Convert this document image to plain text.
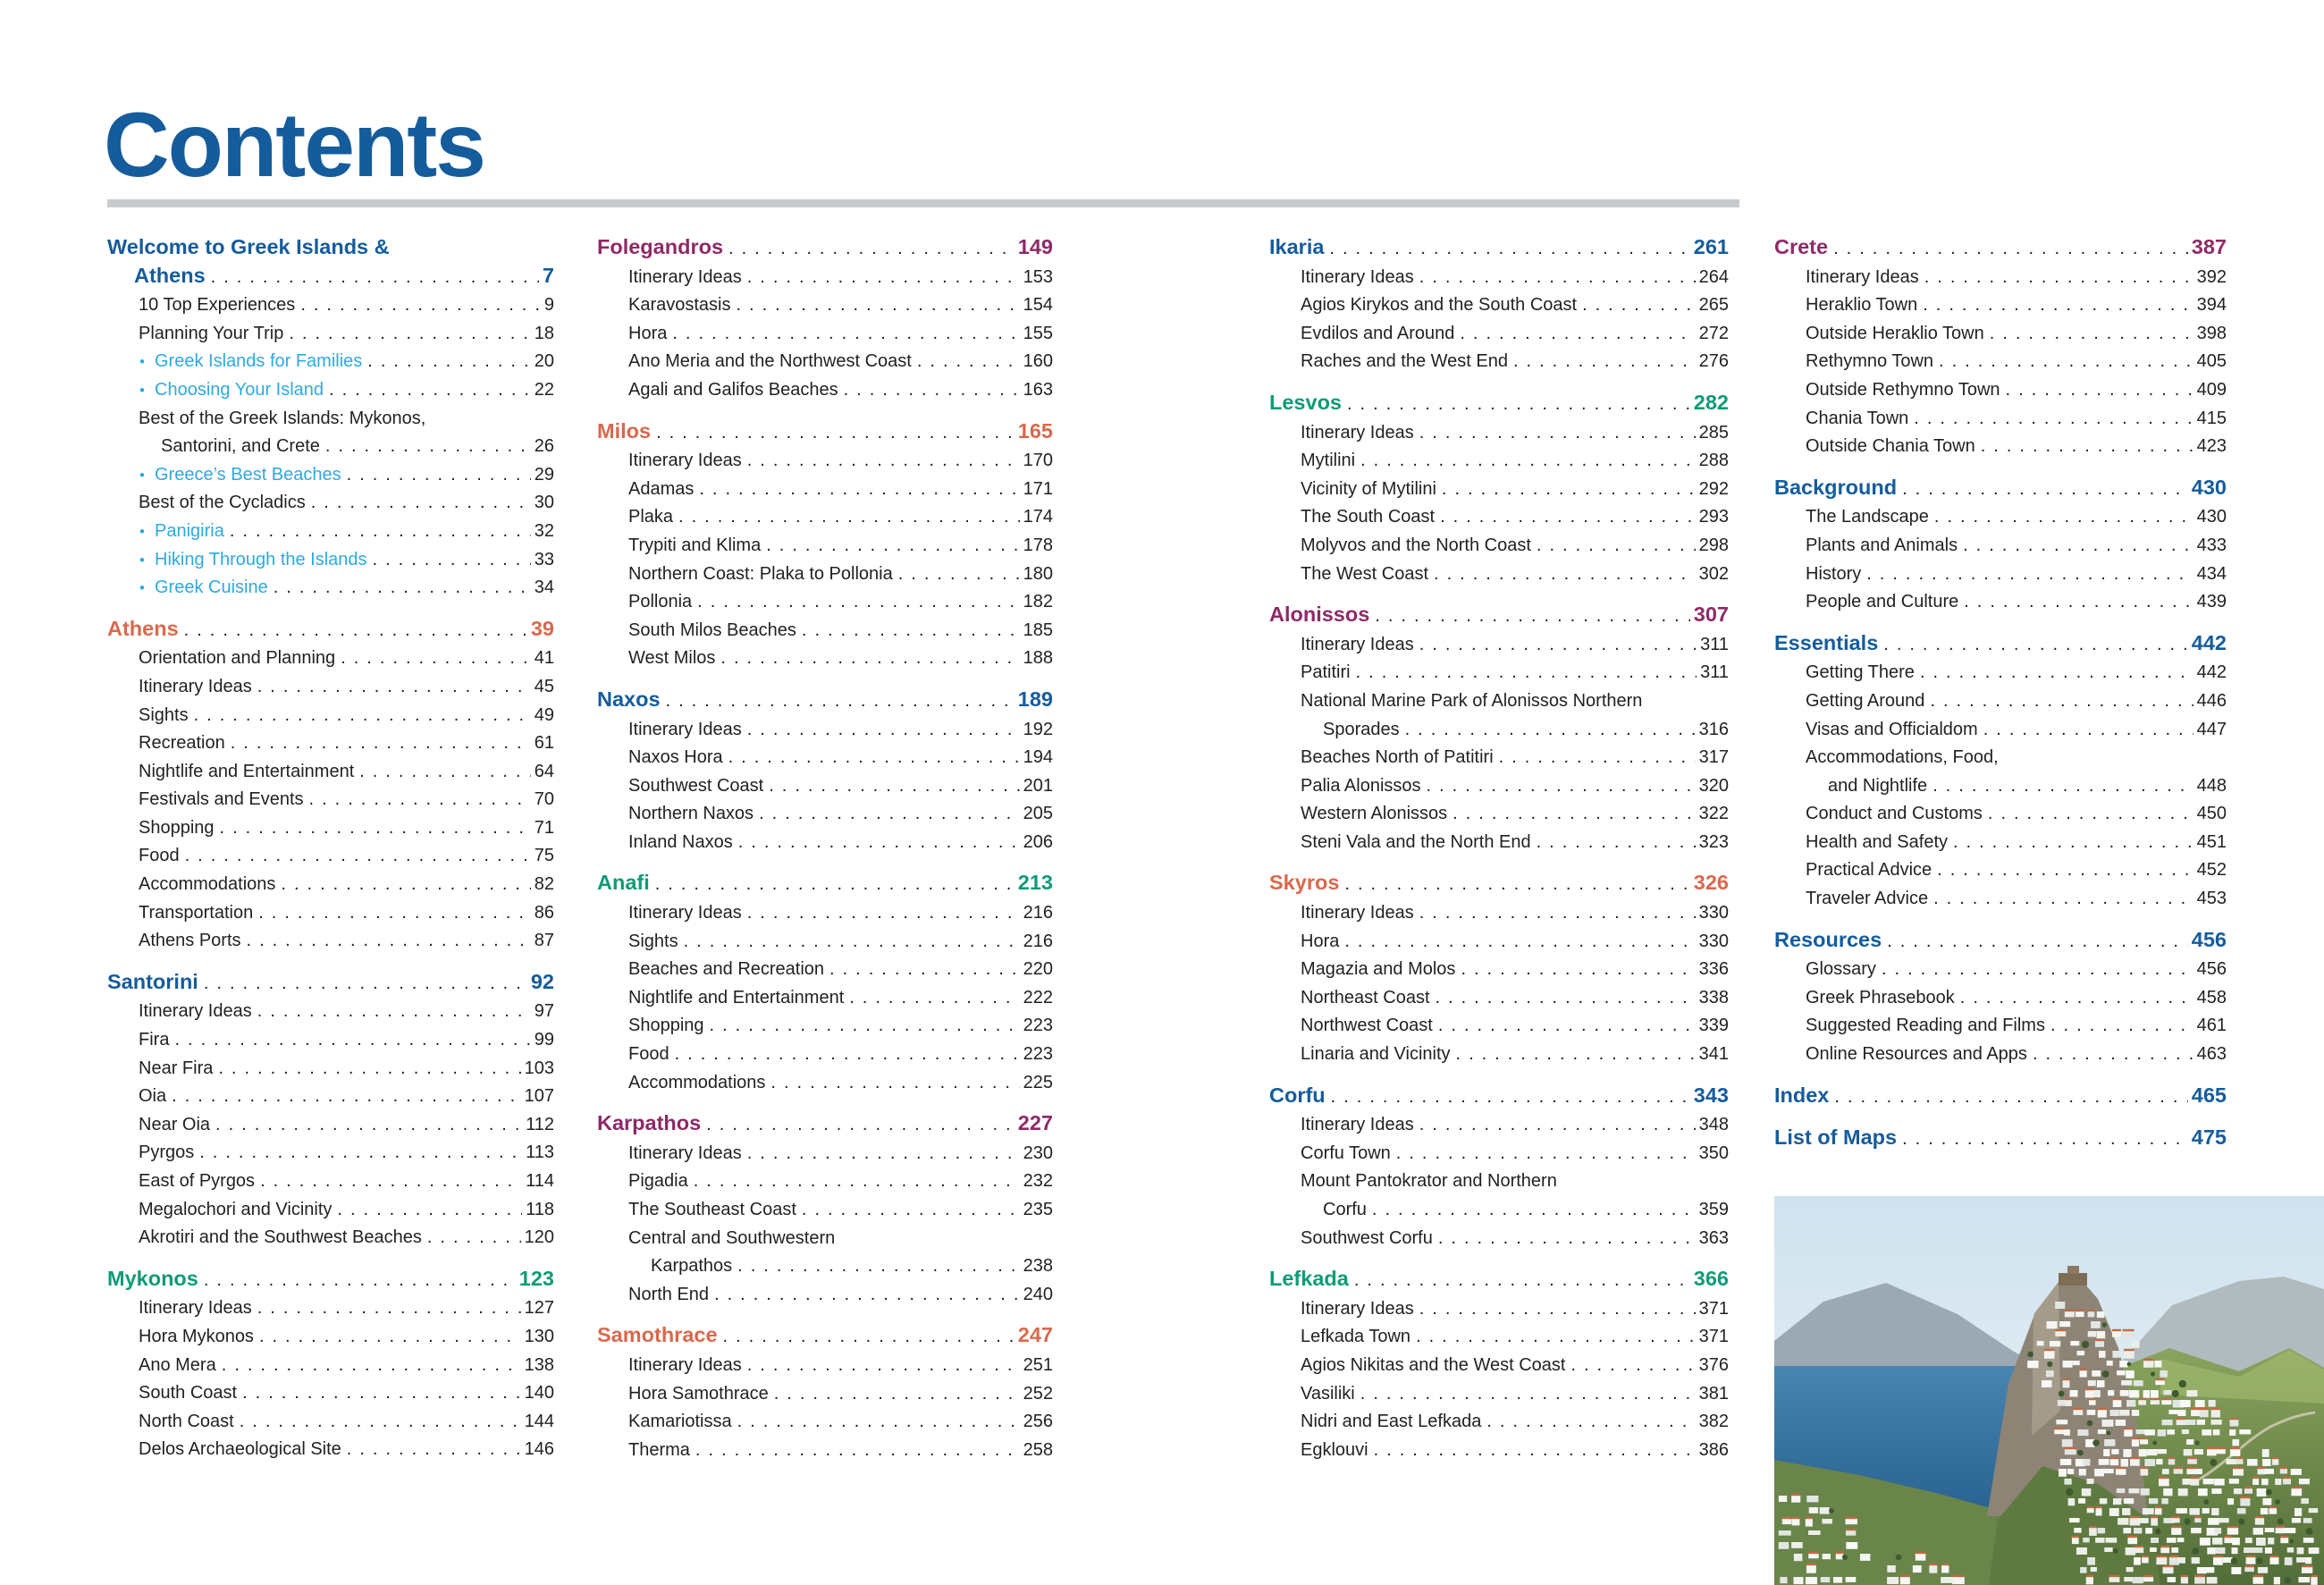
Contents
Welcome to Greek Islands &
Athens .....	7
10 Top Experiences .....	9
Planning Your Trip .....	18
• Greek Islands for Families .....	20
• Choosing Your Island .....	22
Best of the Greek Islands: Mykonos,
Santorini, and Crete .....	26
• Greece’s Best Beaches .....	29
Best of the Cycladics .....	30
• Panigiria .....	32
• Hiking Through the Islands .....	33
• Greek Cuisine .....	34
Athens .....	39
Orientation and Planning .....	41
Itinerary Ideas .....	45
Sights .....	49
Recreation .....	61
Nightlife and Entertainment .....	64
Festivals and Events .....	70
Shopping .....	71
Food .....	75
Accommodations .....	82
Transportation .....	86
Athens Ports .....	87
Santorini .....	92
Itinerary Ideas .....	97
Fira .....	99
Near Fira .....	103
Oia .....	107
Near Oia .....	112
Pyrgos .....	113
East of Pyrgos .....	114
Megalochori and Vicinity .....	118
Akrotiri and the Southwest Beaches .....	120
Mykonos .....	123
Itinerary Ideas .....	127
Hora Mykonos .....	130
Ano Mera .....	138
South Coast .....	140
North Coast .....	144
Delos Archaeological Site .....	146
Folegandros .....	149
Itinerary Ideas .....	153
Karavostasis .....	154
Hora .....	155
Ano Meria and the Northwest Coast .....	160
Agali and Galifos Beaches .....	163
Milos .....	165
Itinerary Ideas .....	170
Adamas .....	171
Plaka .....	174
Trypiti and Klima .....	178
Northern Coast: Plaka to Pollonia .....	180
Pollonia .....	182
South Milos Beaches .....	185
West Milos .....	188
Naxos .....	189
Itinerary Ideas .....	192
Naxos Hora .....	194
Southwest Coast .....	201
Northern Naxos .....	205
Inland Naxos .....	206
Anafi .....	213
Itinerary Ideas .....	216
Sights .....	216
Beaches and Recreation .....	220
Nightlife and Entertainment .....	222
Shopping .....	223
Food .....	223
Accommodations .....	225
Karpathos .....	227
Itinerary Ideas .....	230
Pigadia .....	232
The Southeast Coast .....	235
Central and Southwestern
Karpathos .....	238
North End .....	240
Samothrace .....	247
Itinerary Ideas .....	251
Hora Samothrace .....	252
Kamariotissa .....	256
Therma .....	258
Ikaria .....	261
Itinerary Ideas .....	264
Agios Kirykos and the South Coast .....	265
Evdilos and Around .....	272
Raches and the West End .....	276
Lesvos .....	282
Itinerary Ideas .....	285
Mytilini .....	288
Vicinity of Mytilini .....	292
The South Coast .....	293
Molyvos and the North Coast .....	298
The West Coast .....	302
Alonissos .....	307
Itinerary Ideas .....	311
Patitiri .....	311
National Marine Park of Alonissos Northern
Sporades .....	316
Beaches North of Patitiri .....	317
Palia Alonissos .....	320
Western Alonissos .....	322
Steni Vala and the North End .....	323
Skyros .....	326
Itinerary Ideas .....	330
Hora .....	330
Magazia and Molos .....	336
Northeast Coast .....	338
Northwest Coast .....	339
Linaria and Vicinity .....	341
Corfu .....	343
Itinerary Ideas .....	348
Corfu Town .....	350
Mount Pantokrator and Northern
Corfu .....	359
Southwest Corfu .....	363
Lefkada .....	366
Itinerary Ideas .....	371
Lefkada Town .....	371
Agios Nikitas and the West Coast .....	376
Vasiliki .....	381
Nidri and East Lefkada .....	382
Egklouvi .....	386
Crete .....	387
Itinerary Ideas .....	392
Heraklio Town .....	394
Outside Heraklio Town .....	398
Rethymno Town .....	405
Outside Rethymno Town .....	409
Chania Town .....	415
Outside Chania Town .....	423
Background .....	430
The Landscape .....	430
Plants and Animals .....	433
History .....	434
People and Culture .....	439
Essentials .....	442
Getting There .....	442
Getting Around .....	446
Visas and Officialdom .....	447
Accommodations, Food,
and Nightlife .....	448
Conduct and Customs .....	450
Health and Safety .....	451
Practical Advice .....	452
Traveler Advice .....	453
Resources .....	456
Glossary .....	456
Greek Phrasebook .....	458
Suggested Reading and Films .....	461
Online Resources and Apps .....	463
Index .....	465
List of Maps .....	475
